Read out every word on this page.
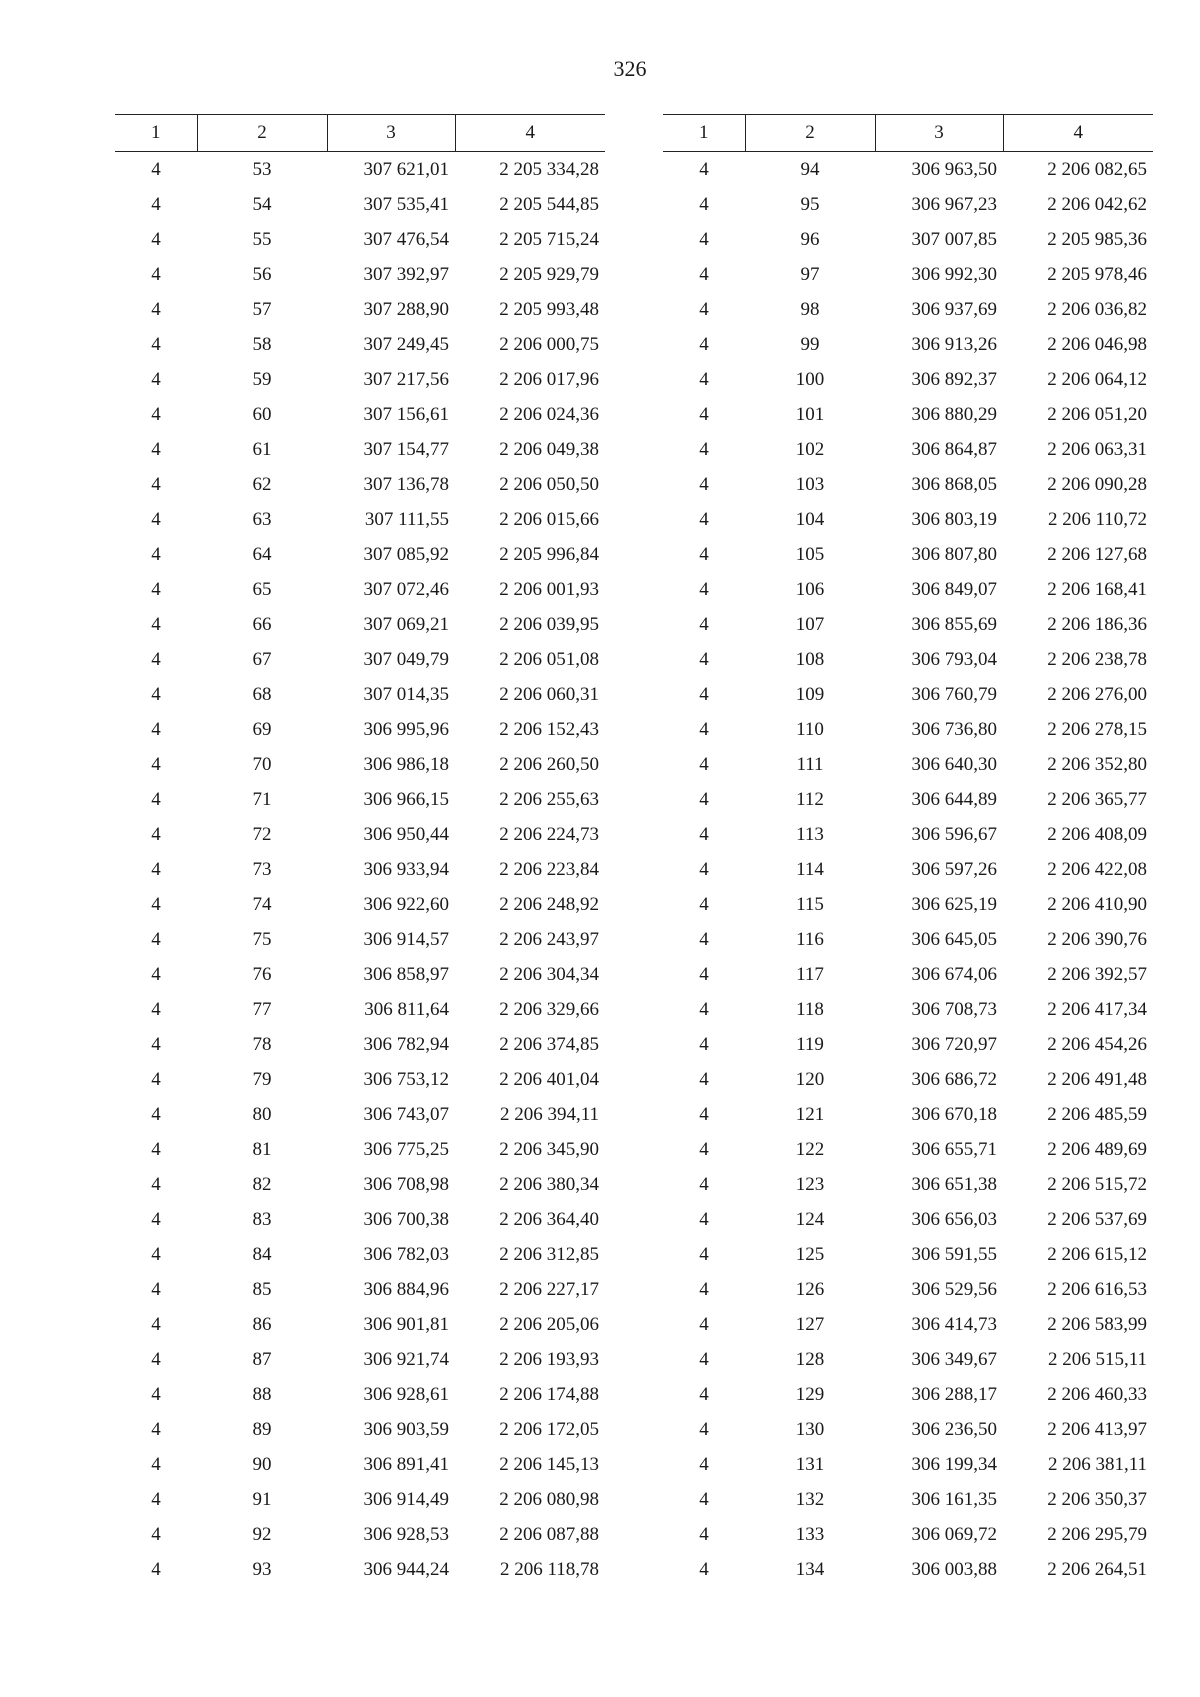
326
1	2	3	4
4	53	307 621,01	2 205 334,28
4	54	307 535,41	2 205 544,85
4	55	307 476,54	2 205 715,24
4	56	307 392,97	2 205 929,79
4	57	307 288,90	2 205 993,48
4	58	307 249,45	2 206 000,75
4	59	307 217,56	2 206 017,96
4	60	307 156,61	2 206 024,36
4	61	307 154,77	2 206 049,38
4	62	307 136,78	2 206 050,50
4	63	307 111,55	2 206 015,66
4	64	307 085,92	2 205 996,84
4	65	307 072,46	2 206 001,93
4	66	307 069,21	2 206 039,95
4	67	307 049,79	2 206 051,08
4	68	307 014,35	2 206 060,31
4	69	306 995,96	2 206 152,43
4	70	306 986,18	2 206 260,50
4	71	306 966,15	2 206 255,63
4	72	306 950,44	2 206 224,73
4	73	306 933,94	2 206 223,84
4	74	306 922,60	2 206 248,92
4	75	306 914,57	2 206 243,97
4	76	306 858,97	2 206 304,34
4	77	306 811,64	2 206 329,66
4	78	306 782,94	2 206 374,85
4	79	306 753,12	2 206 401,04
4	80	306 743,07	2 206 394,11
4	81	306 775,25	2 206 345,90
4	82	306 708,98	2 206 380,34
4	83	306 700,38	2 206 364,40
4	84	306 782,03	2 206 312,85
4	85	306 884,96	2 206 227,17
4	86	306 901,81	2 206 205,06
4	87	306 921,74	2 206 193,93
4	88	306 928,61	2 206 174,88
4	89	306 903,59	2 206 172,05
4	90	306 891,41	2 206 145,13
4	91	306 914,49	2 206 080,98
4	92	306 928,53	2 206 087,88
4	93	306 944,24	2 206 118,78
1	2	3	4
4	94	306 963,50	2 206 082,65
4	95	306 967,23	2 206 042,62
4	96	307 007,85	2 205 985,36
4	97	306 992,30	2 205 978,46
4	98	306 937,69	2 206 036,82
4	99	306 913,26	2 206 046,98
4	100	306 892,37	2 206 064,12
4	101	306 880,29	2 206 051,20
4	102	306 864,87	2 206 063,31
4	103	306 868,05	2 206 090,28
4	104	306 803,19	2 206 110,72
4	105	306 807,80	2 206 127,68
4	106	306 849,07	2 206 168,41
4	107	306 855,69	2 206 186,36
4	108	306 793,04	2 206 238,78
4	109	306 760,79	2 206 276,00
4	110	306 736,80	2 206 278,15
4	111	306 640,30	2 206 352,80
4	112	306 644,89	2 206 365,77
4	113	306 596,67	2 206 408,09
4	114	306 597,26	2 206 422,08
4	115	306 625,19	2 206 410,90
4	116	306 645,05	2 206 390,76
4	117	306 674,06	2 206 392,57
4	118	306 708,73	2 206 417,34
4	119	306 720,97	2 206 454,26
4	120	306 686,72	2 206 491,48
4	121	306 670,18	2 206 485,59
4	122	306 655,71	2 206 489,69
4	123	306 651,38	2 206 515,72
4	124	306 656,03	2 206 537,69
4	125	306 591,55	2 206 615,12
4	126	306 529,56	2 206 616,53
4	127	306 414,73	2 206 583,99
4	128	306 349,67	2 206 515,11
4	129	306 288,17	2 206 460,33
4	130	306 236,50	2 206 413,97
4	131	306 199,34	2 206 381,11
4	132	306 161,35	2 206 350,37
4	133	306 069,72	2 206 295,79
4	134	306 003,88	2 206 264,51
